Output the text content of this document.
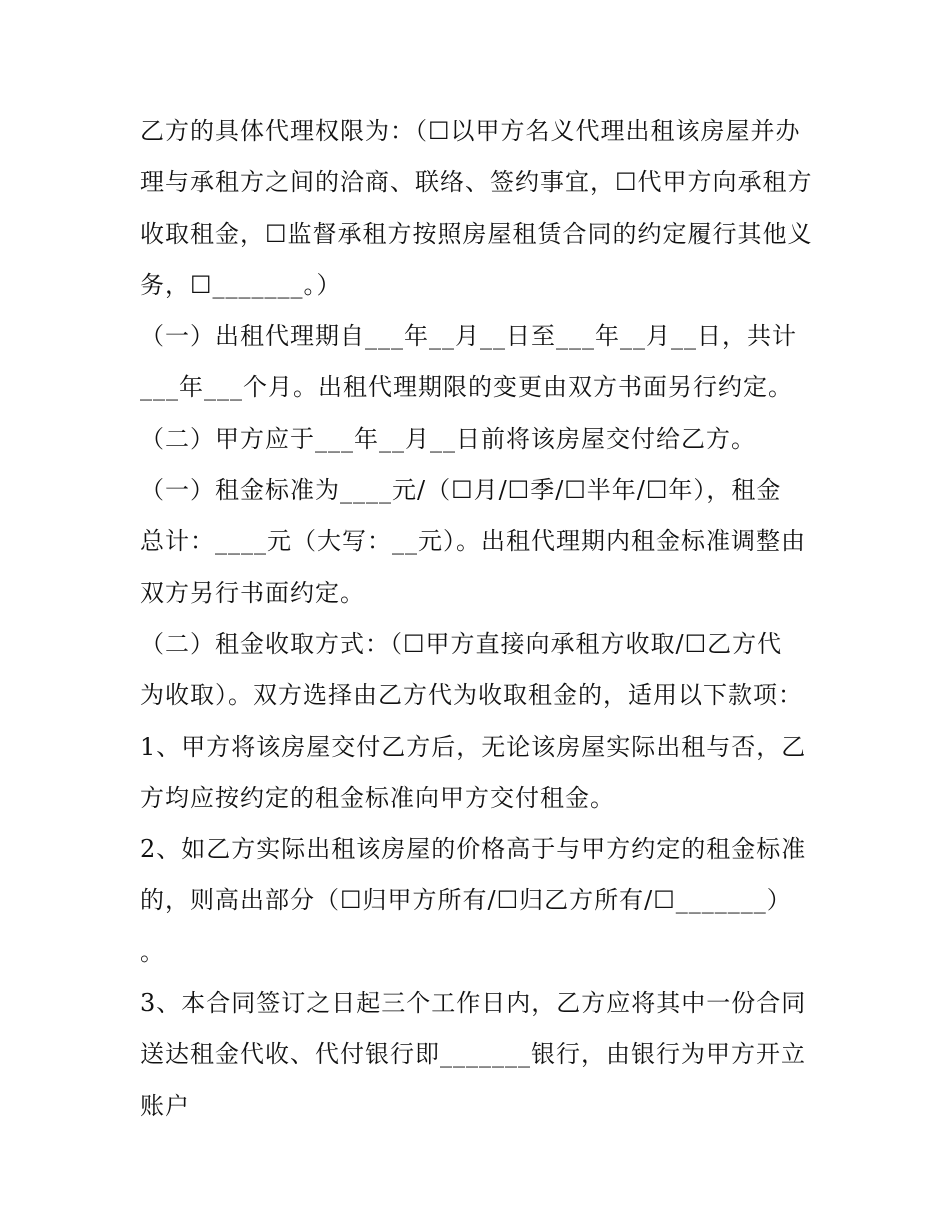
乙方的具体代理权限为：（☐以甲方名义代理出租该房屋并办
理与承租方之间的洽商、联络、签约事宜，☐代甲方向承租方
收取租金，☐监督承租方按照房屋租赁合同的约定履行其他义
务，☐_______。）
（一）出租代理期自___年__月__日至___年__月__日，共计
___年___个月。出租代理期限的变更由双方书面另行约定。
（二）甲方应于___年__月__日前将该房屋交付给乙方。
（一）租金标准为____元/（☐月/☐季/☐半年/☐年），租金
总计：____元（大写：__元）。出租代理期内租金标准调整由
双方另行书面约定。
（二）租金收取方式：（☐甲方直接向承租方收取/☐乙方代
为收取）。双方选择由乙方代为收取租金的，适用以下款项：
1、甲方将该房屋交付乙方后，无论该房屋实际出租与否，乙
方均应按约定的租金标准向甲方交付租金。
2、如乙方实际出租该房屋的价格高于与甲方约定的租金标准
的，则高出部分（☐归甲方所有/☐归乙方所有/☐_______）
。
3、本合同签订之日起三个工作日内，乙方应将其中一份合同
送达租金代收、代付银行即_______银行，由银行为甲方开立
账户
